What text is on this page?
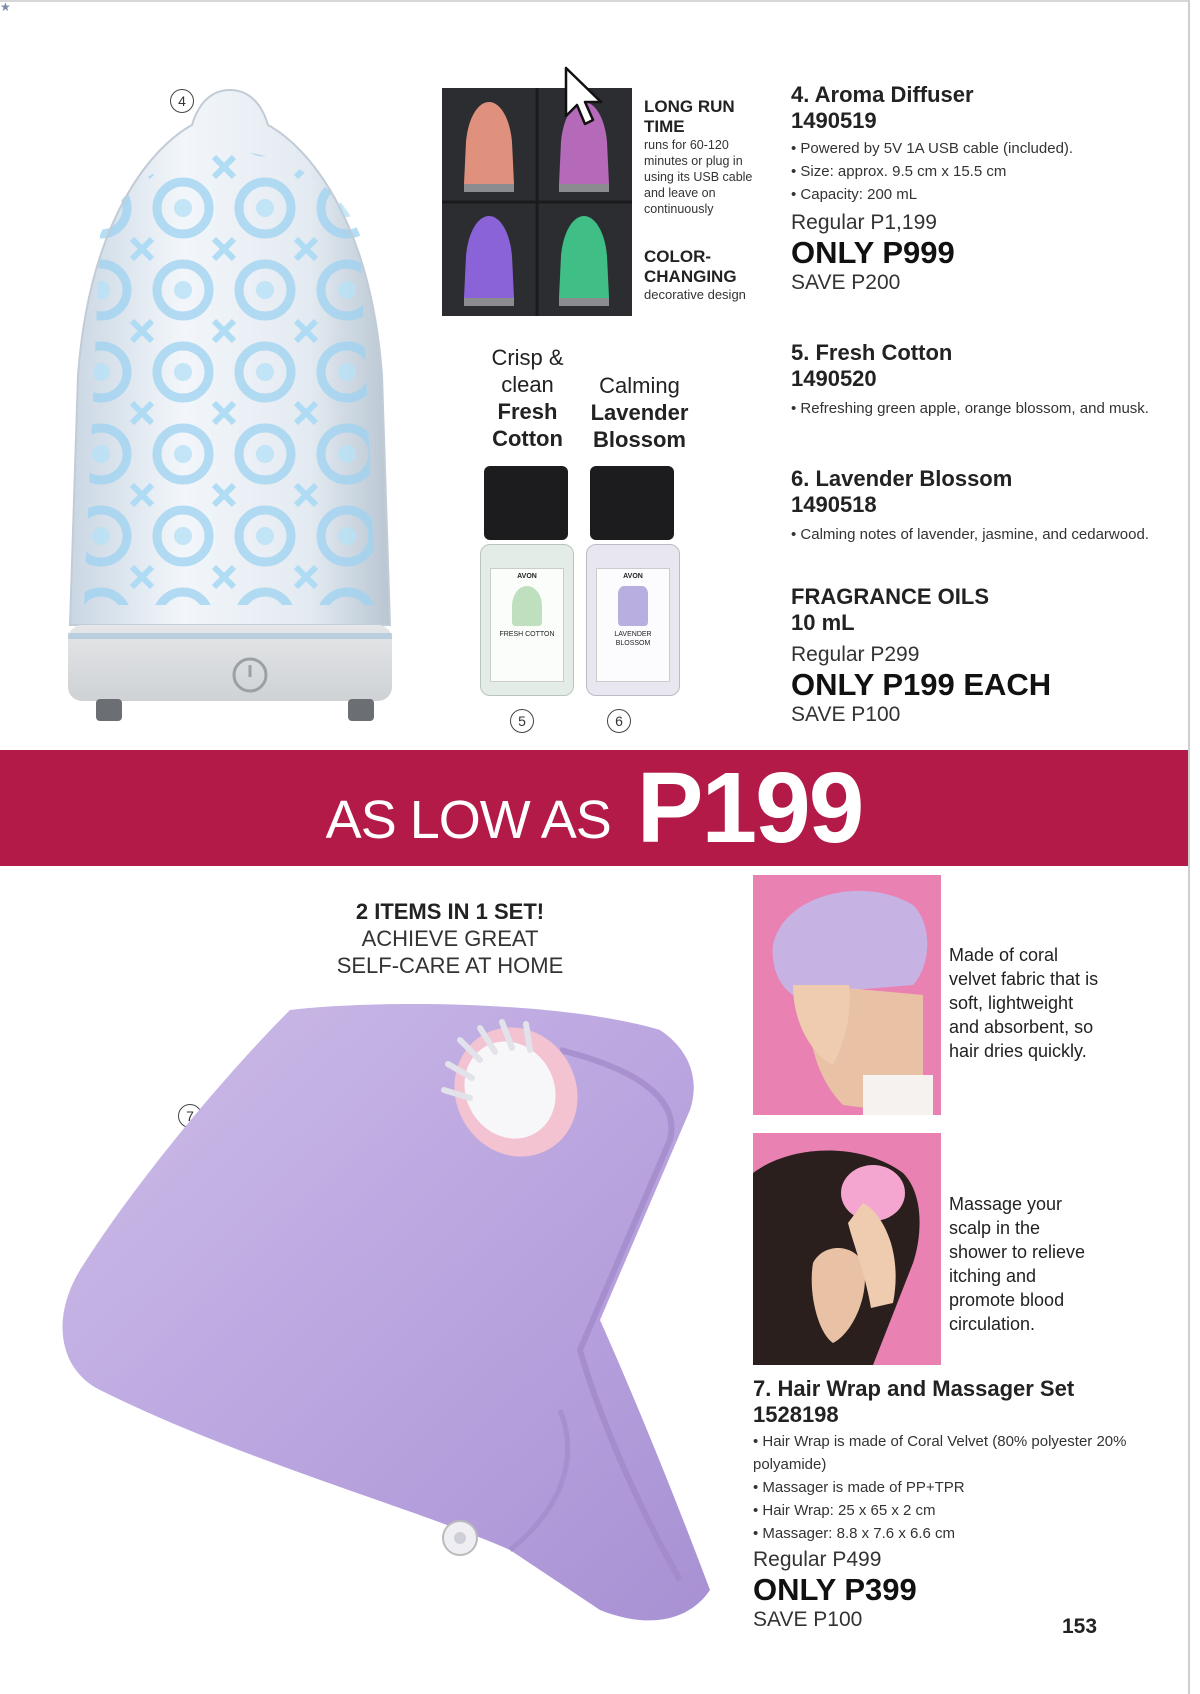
★
4	LONG RUN TIME
runs for 60-120 minutes or plug in using its USB cable and leave on continuously
COLOR-CHANGING
decorative design
Crisp & clean
Fresh Cotton
Calming
Lavender Blossom
AVON
FRESH COTTON
AVON
LAVENDER BLOSSOM
5	6
4. Aroma Diffuser
1490519
• Powered by 5V 1A USB cable (included).
• Size: approx. 9.5 cm x 15.5 cm
• Capacity: 200 mL
Regular P1,199
ONLY P999
SAVE P200
5. Fresh Cotton
1490520
• Refreshing green apple, orange blossom, and musk.
6. Lavender Blossom
1490518
• Calming notes of lavender, jasmine, and cedarwood.
FRAGRANCE OILS
10 mL
Regular P299
ONLY P199 EACH
SAVE P100
AS LOW AS P199
2 ITEMS IN 1 SET!
ACHIEVE GREAT
SELF-CARE AT HOME
7
Made of coral velvet fabric that is soft, lightweight and absorbent, so hair dries quickly.
Massage your scalp in the shower to relieve itching and promote blood circulation.
7. Hair Wrap and Massager Set
1528198
• Hair Wrap is made of Coral Velvet (80% polyester 20% polyamide)
• Massager is made of PP+TPR
• Hair Wrap: 25 x 65 x 2 cm
• Massager: 8.8 x 7.6 x 6.6 cm
Regular P499
ONLY P399
SAVE P100	153
